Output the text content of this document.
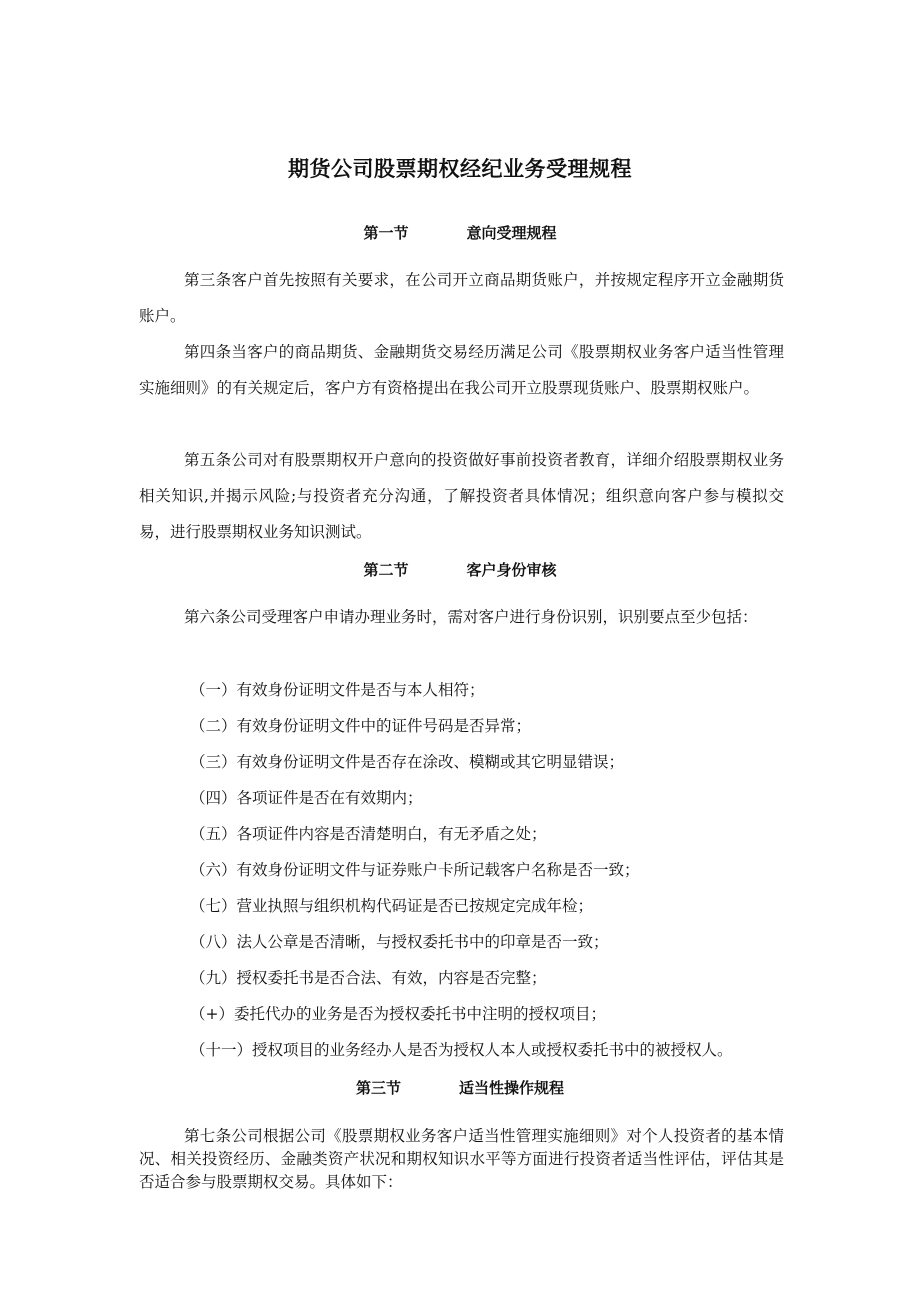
期货公司股票期权经纪业务受理规程
第一节	意向受理规程

第三条客户首先按照有关要求，在公司开立商品期货账户，并按规定程序开立金融期货账户。

第四条当客户的商品期货、金融期货交易经历满足公司《股票期权业务客户适当性管理实施细则》的有关规定后，客户方有资格提出在我公司开立股票现货账户、股票期权账户。

第五条公司对有股票期权开户意向的投资做好事前投资者教育，详细介绍股票期权业务相关知识,并揭示风险;与投资者充分沟通，了解投资者具体情况；组织意向客户参与模拟交易，进行股票期权业务知识测试。

第二节	客户身份审核

第六条公司受理客户申请办理业务时，需对客户进行身份识别，识别要点至少包括：

（一）有效身份证明文件是否与本人相符；
（二）有效身份证明文件中的证件号码是否异常；
（三）有效身份证明文件是否存在涂改、模糊或其它明显错误；
（四）各项证件是否在有效期内；
（五）各项证件内容是否清楚明白，有无矛盾之处；
（六）有效身份证明文件与证券账户卡所记载客户名称是否一致；
（七）营业执照与组织机构代码证是否已按规定完成年检；
（八）法人公章是否清晰，与授权委托书中的印章是否一致；
（九）授权委托书是否合法、有效，内容是否完整；
（+）委托代办的业务是否为授权委托书中注明的授权项目；
（十一）授权项目的业务经办人是否为授权人本人或授权委托书中的被授权人。
第三节	适当性操作规程

第七条公司根据公司《股票期权业务客户适当性管理实施细则》对个人投资者的基本情况、相关投资经历、金融类资产状况和期权知识水平等方面进行投资者适当性评估，评估其是否适合参与股票期权交易。具体如下：
